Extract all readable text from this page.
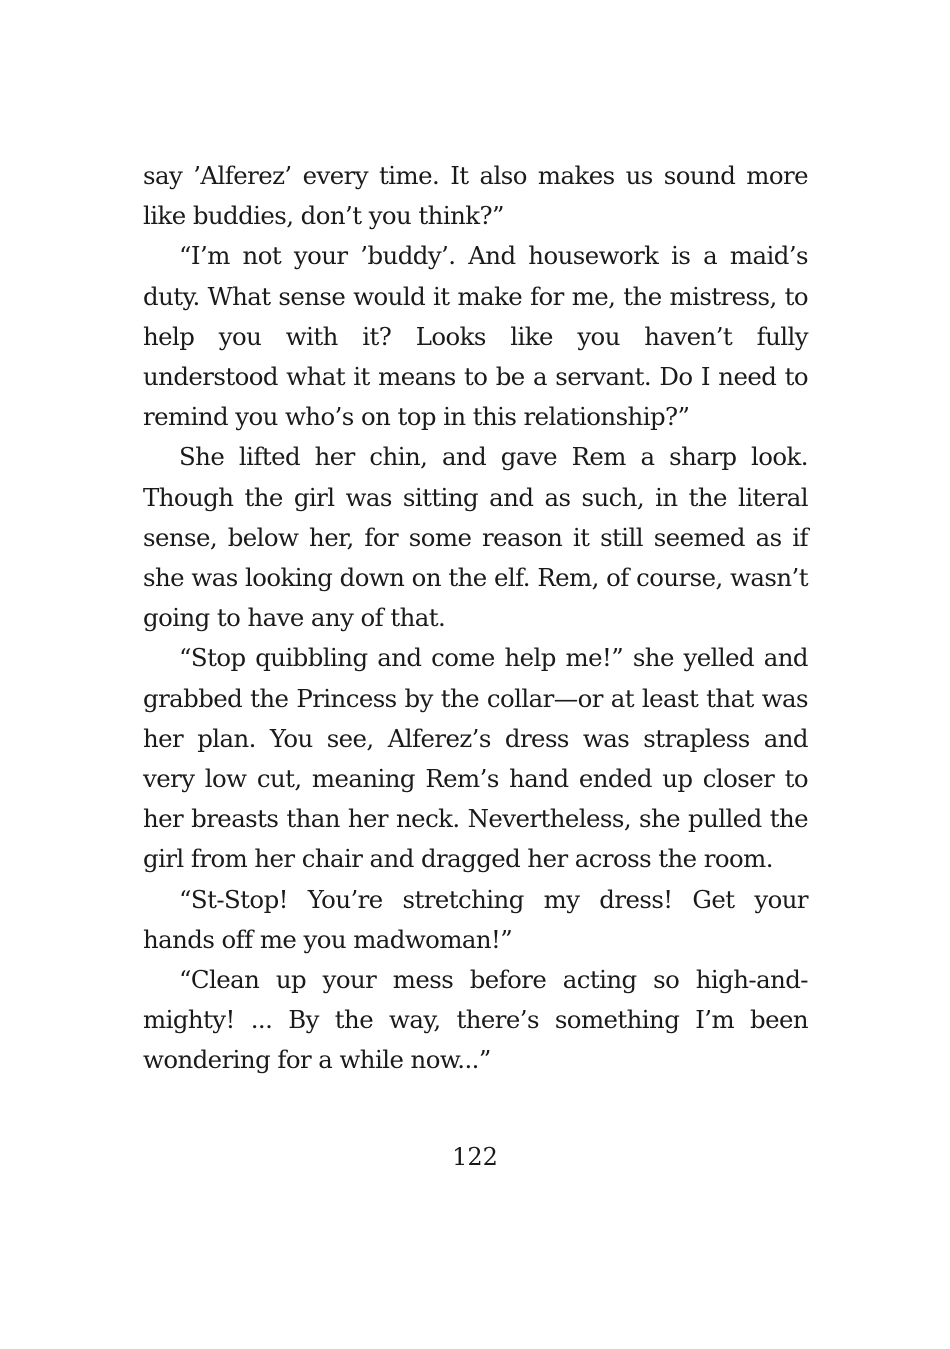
say ’Alferez’ every time. It also makes us sound more like buddies, don’t you think?”

“I’m not your ’buddy’. And housework is a maid’s duty. What sense would it make for me, the mistress, to help you with it? Looks like you haven’t fully understood what it means to be a servant. Do I need to remind you who’s on top in this relationship?”

She lifted her chin, and gave Rem a sharp look. Though the girl was sitting and as such, in the literal sense, below her, for some reason it still seemed as if she was looking down on the elf. Rem, of course, wasn’t going to have any of that.

“Stop quibbling and come help me!” she yelled and grabbed the Princess by the collar—or at least that was her plan. You see, Alferez’s dress was strapless and very low cut, meaning Rem’s hand ended up closer to her breasts than her neck. Nevertheless, she pulled the girl from her chair and dragged her across the room.

“St-Stop! You’re stretching my dress! Get your hands off me you madwoman!”

“Clean up your mess before acting so high-and-mighty! ... By the way, there’s something I’m been wondering for a while now...”

122
